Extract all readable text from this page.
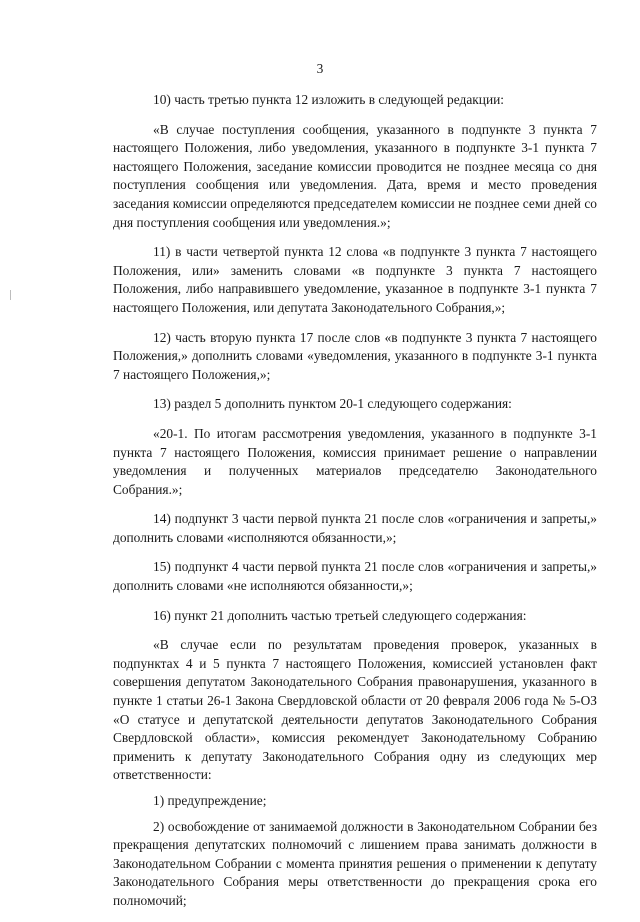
3

10) часть третью пункта 12 изложить в следующей редакции:

«В случае поступления сообщения, указанного в подпункте 3 пункта 7 настоящего Положения, либо уведомления, указанного в подпункте 3-1 пункта 7 настоящего Положения, заседание комиссии проводится не позднее месяца со дня поступления сообщения или уведомления. Дата, время и место проведения заседания комиссии определяются председателем комиссии не позднее семи дней со дня поступления сообщения или уведомления.»;

11) в части четвертой пункта 12 слова «в подпункте 3 пункта 7 настоящего Положения, или» заменить словами «в подпункте 3 пункта 7 настоящего Положения, либо направившего уведомление, указанное в подпункте 3-1 пункта 7 настоящего Положения, или депутата Законодательного Собрания,»;

12) часть вторую пункта 17 после слов «в подпункте 3 пункта 7 настоящего Положения,» дополнить словами «уведомления, указанного в подпункте 3-1 пункта 7 настоящего Положения,»;

13) раздел 5 дополнить пунктом 20-1 следующего содержания:

«20-1. По итогам рассмотрения уведомления, указанного в подпункте 3-1 пункта 7 настоящего Положения, комиссия принимает решение о направлении уведомления и полученных материалов председателю Законодательного Собрания.»;

14) подпункт 3 части первой пункта 21 после слов «ограничения и запреты,» дополнить словами «исполняются обязанности,»;

15) подпункт 4 части первой пункта 21 после слов «ограничения и запреты,» дополнить словами «не исполняются обязанности,»;

16) пункт 21 дополнить частью третьей следующего содержания:

«В случае если по результатам проведения проверок, указанных в подпунктах 4 и 5 пункта 7 настоящего Положения, комиссией установлен факт совершения депутатом Законодательного Собрания правонарушения, указанного в пункте 1 статьи 26-1 Закона Свердловской области от 20 февраля 2006 года № 5-ОЗ «О статусе и депутатской деятельности депутатов Законодательного Собрания Свердловской области», комиссия рекомендует Законодательному Собранию применить к депутату Законодательного Собрания одну из следующих мер ответственности:

1) предупреждение;

2) освобождение от занимаемой должности в Законодательном Собрании без прекращения депутатских полномочий с лишением права занимать должности в Законодательном Собрании с момента принятия решения о применении к депутату Законодательного Собрания меры ответственности до прекращения срока его полномочий;
